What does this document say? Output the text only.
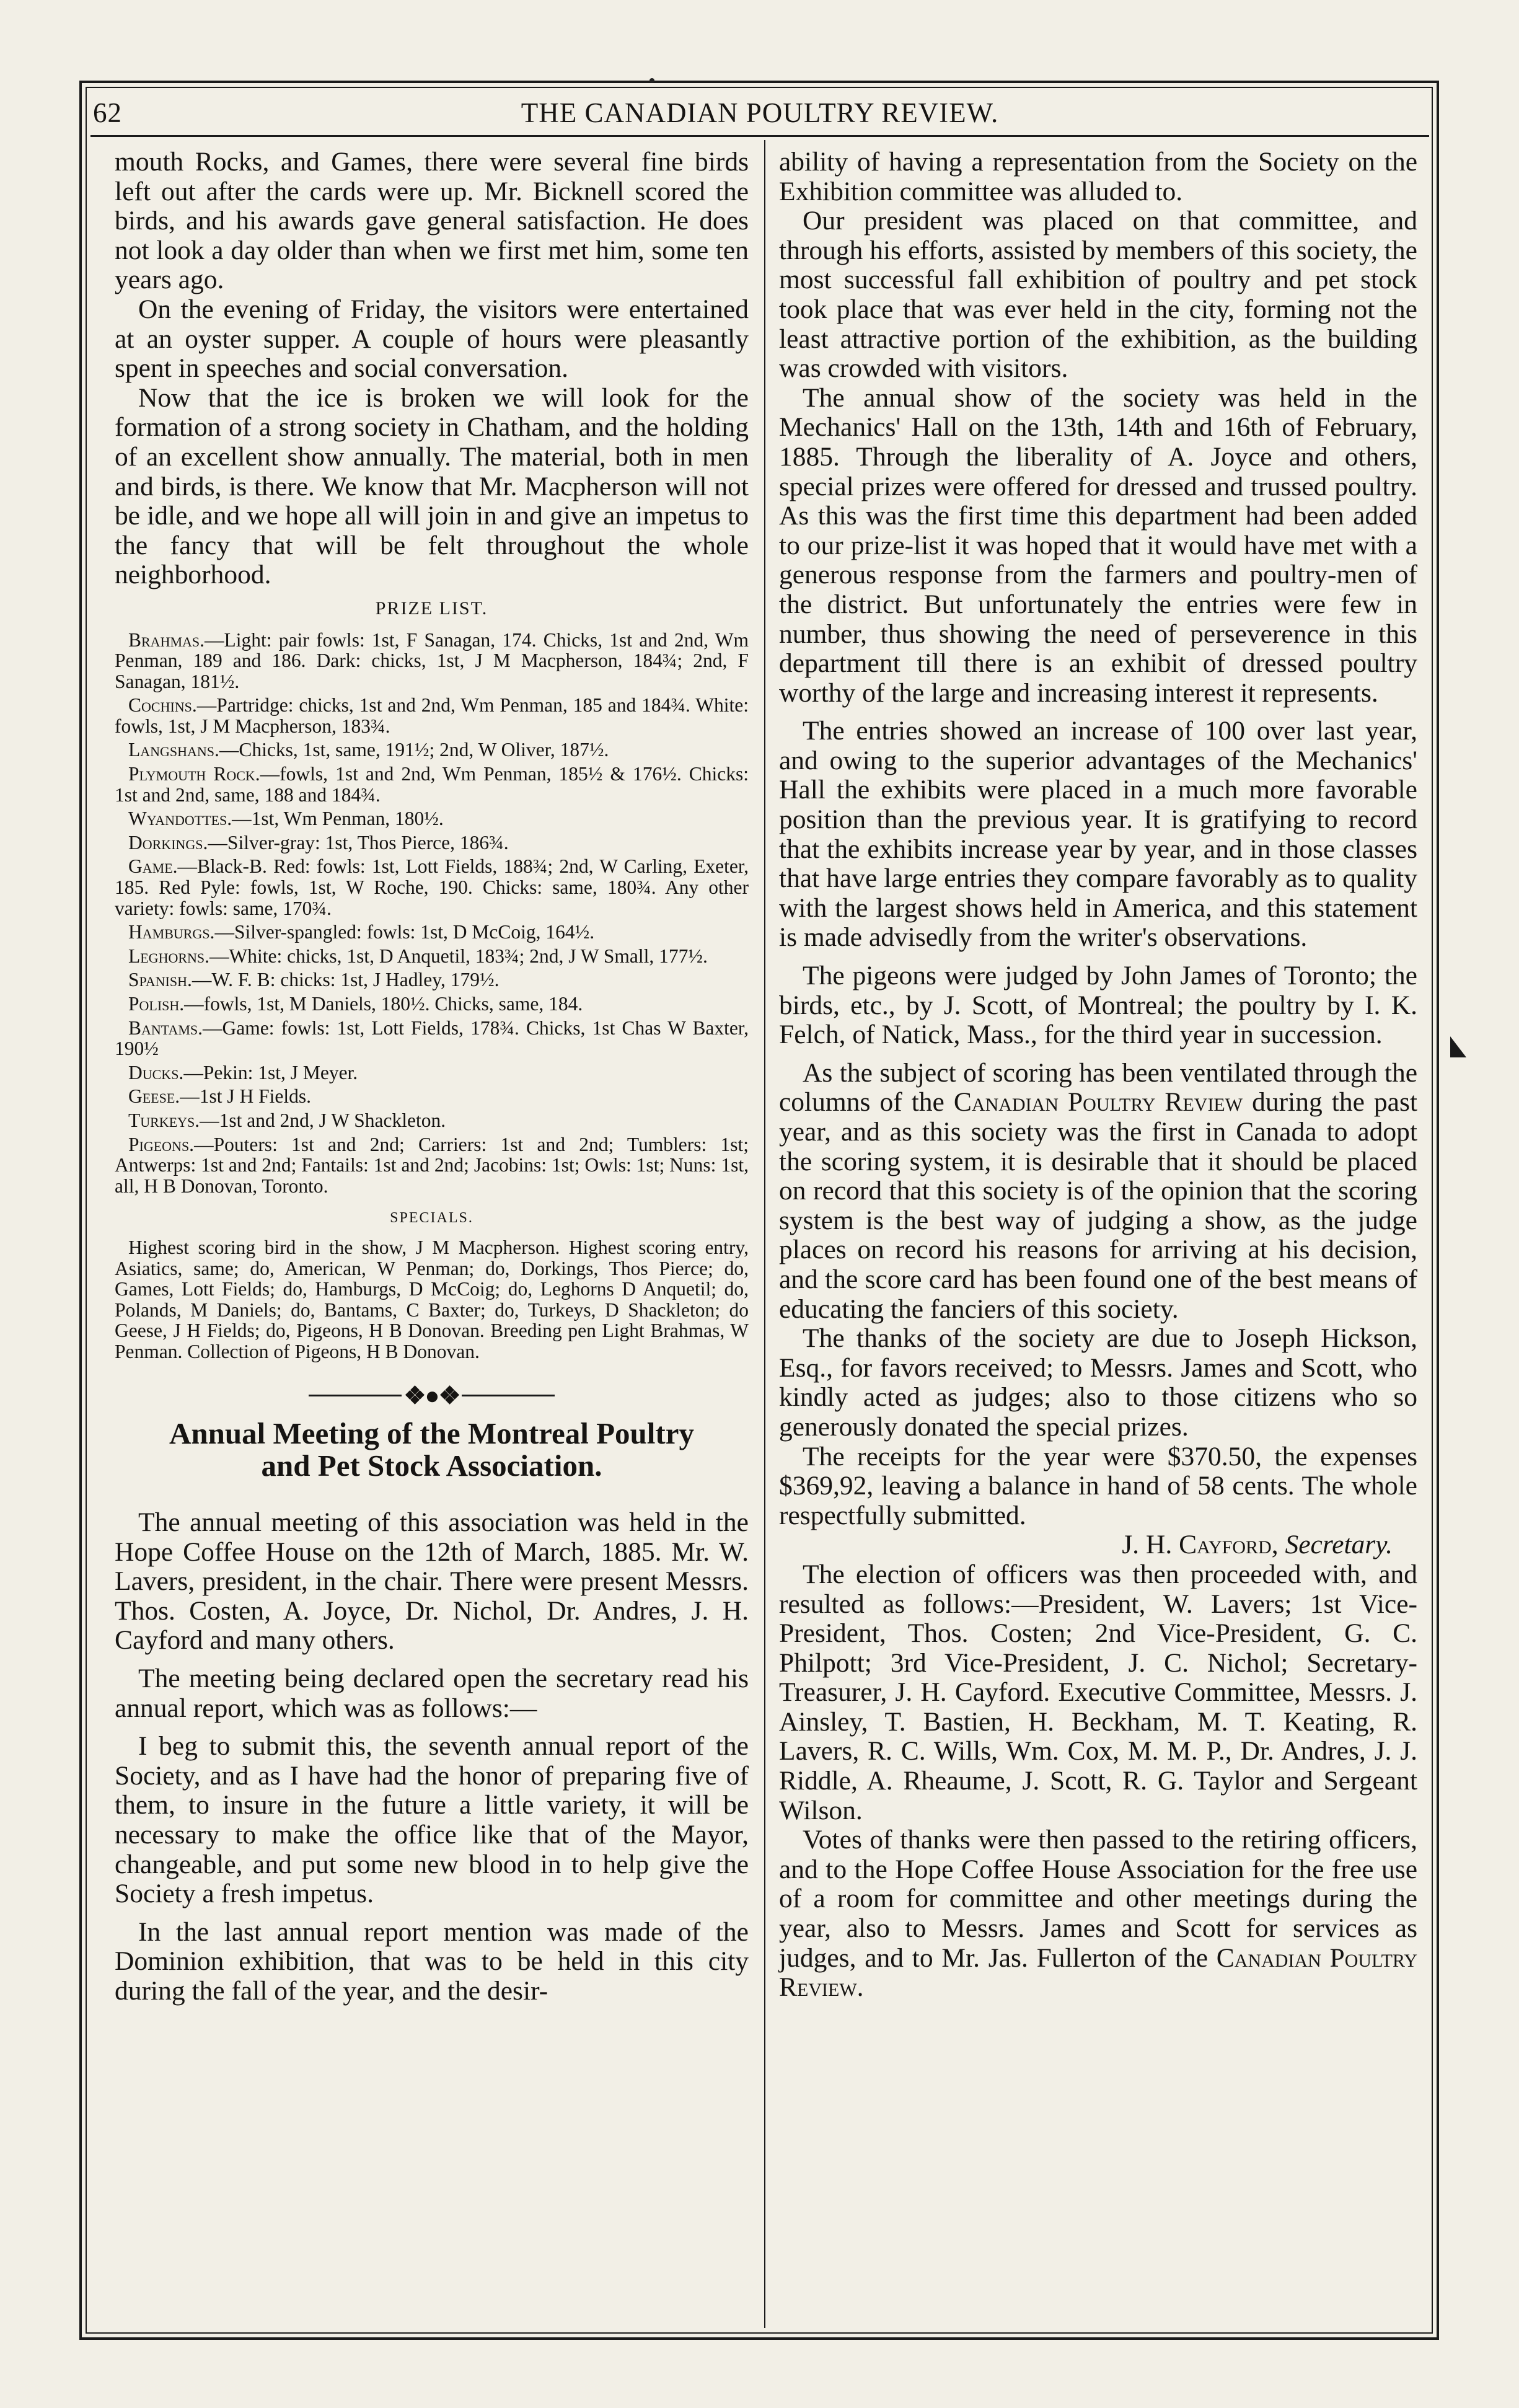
62	THE CANADIAN POULTRY REVIEW.

mouth Rocks, and Games, there were several fine birds left out after the cards were up. Mr. Bicknell scored the birds, and his awards gave general satisfaction. He does not look a day older than when we first met him, some ten years ago.

On the evening of Friday, the visitors were entertained at an oyster supper. A couple of hours were pleasantly spent in speeches and social conversation.

Now that the ice is broken we will look for the formation of a strong society in Chatham, and the holding of an excellent show annually. The material, both in men and birds, is there. We know that Mr. Macpherson will not be idle, and we hope all will join in and give an impetus to the fancy that will be felt throughout the whole neighborhood.

PRIZE LIST.

Brahmas.—Light: pair fowls: 1st, F Sanagan, 174. Chicks, 1st and 2nd, Wm Penman, 189 and 186. Dark: chicks, 1st, J M Macpherson, 184¾; 2nd, F Sanagan, 181½.

Cochins.—Partridge: chicks, 1st and 2nd, Wm Penman, 185 and 184¾. White: fowls, 1st, J M Macpherson, 183¾.

Langshans.—Chicks, 1st, same, 191½; 2nd, W Oliver, 187½.

Plymouth Rock.—fowls, 1st and 2nd, Wm Penman, 185½ & 176½. Chicks: 1st and 2nd, same, 188 and 184¾.

Wyandottes.—1st, Wm Penman, 180½.

Dorkings.—Silver-gray: 1st, Thos Pierce, 186¾.

Game.—Black-B. Red: fowls: 1st, Lott Fields, 188¾; 2nd, W Carling, Exeter, 185. Red Pyle: fowls, 1st, W Roche, 190. Chicks: same, 180¾. Any other variety: fowls: same, 170¾.

Hamburgs.—Silver-spangled: fowls: 1st, D McCoig, 164½.

Leghorns.—White: chicks, 1st, D Anquetil, 183¾; 2nd, J W Small, 177½.

Spanish.—W. F. B: chicks: 1st, J Hadley, 179½.

Polish.—fowls, 1st, M Daniels, 180½. Chicks, same, 184.

Bantams.—Game: fowls: 1st, Lott Fields, 178¾. Chicks, 1st Chas W Baxter, 190½

Ducks.—Pekin: 1st, J Meyer.

Geese.—1st J H Fields.

Turkeys.—1st and 2nd, J W Shackleton.

Pigeons.—Pouters: 1st and 2nd; Carriers: 1st and 2nd; Tumblers: 1st; Antwerps: 1st and 2nd; Fantails: 1st and 2nd; Jacobins: 1st; Owls: 1st; Nuns: 1st, all, H B Donovan, Toronto.

SPECIALS.

Highest scoring bird in the show, J M Macpherson. Highest scoring entry, Asiatics, same; do, American, W Penman; do, Dorkings, Thos Pierce; do, Games, Lott Fields; do, Hamburgs, D McCoig; do, Leghorns D Anquetil; do, Polands, M Daniels; do, Bantams, C Baxter; do, Turkeys, D Shackleton; do Geese, J H Fields; do, Pigeons, H B Donovan. Breeding pen Light Brahmas, W Penman. Collection of Pigeons, H B Donovan.

❖●❖
Annual Meeting of the Montreal Poultry
and Pet Stock Association.

The annual meeting of this association was held in the Hope Coffee House on the 12th of March, 1885. Mr. W. Lavers, president, in the chair. There were present Messrs. Thos. Costen, A. Joyce, Dr. Nichol, Dr. Andres, J. H. Cayford and many others.

The meeting being declared open the secretary read his annual report, which was as follows:—

I beg to submit this, the seventh annual report of the Society, and as I have had the honor of preparing five of them, to insure in the future a little variety, it will be necessary to make the office like that of the Mayor, changeable, and put some new blood in to help give the Society a fresh impetus.

In the last annual report mention was made of the Dominion exhibition, that was to be held in this city during the fall of the year, and the desir-

ability of having a representation from the Society on the Exhibition committee was alluded to.

Our president was placed on that committee, and through his efforts, assisted by members of this society, the most successful fall exhibition of poultry and pet stock took place that was ever held in the city, forming not the least attractive portion of the exhibition, as the building was crowded with visitors.

The annual show of the society was held in the Mechanics' Hall on the 13th, 14th and 16th of February, 1885. Through the liberality of A. Joyce and others, special prizes were offered for dressed and trussed poultry. As this was the first time this department had been added to our prize-list it was hoped that it would have met with a generous response from the farmers and poultry-men of the district. But unfortunately the entries were few in number, thus showing the need of perseverence in this department till there is an exhibit of dressed poultry worthy of the large and increasing interest it represents.

The entries showed an increase of 100 over last year, and owing to the superior advantages of the Mechanics' Hall the exhibits were placed in a much more favorable position than the previous year. It is gratifying to record that the exhibits increase year by year, and in those classes that have large entries they compare favorably as to quality with the largest shows held in America, and this statement is made advisedly from the writer's observations.

The pigeons were judged by John James of Toronto; the birds, etc., by J. Scott, of Montreal; the poultry by I. K. Felch, of Natick, Mass., for the third year in succession.

As the subject of scoring has been ventilated through the columns of the Canadian Poultry Review during the past year, and as this society was the first in Canada to adopt the scoring system, it is desirable that it should be placed on record that this society is of the opinion that the scoring system is the best way of judging a show, as the judge places on record his reasons for arriving at his decision, and the score card has been found one of the best means of educating the fanciers of this society.

The thanks of the society are due to Joseph Hickson, Esq., for favors received; to Messrs. James and Scott, who kindly acted as judges; also to those citizens who so generously donated the special prizes.

The receipts for the year were $370.50, the expenses $369,92, leaving a balance in hand of 58 cents. The whole respectfully submitted.

J. H. Cayford, Secretary.

The election of officers was then proceeded with, and resulted as follows:—President, W. Lavers; 1st Vice-President, Thos. Costen; 2nd Vice-President, G. C. Philpott; 3rd Vice-President, J. C. Nichol; Secretary-Treasurer, J. H. Cayford. Executive Committee, Messrs. J. Ainsley, T. Bastien, H. Beckham, M. T. Keating, R. Lavers, R. C. Wills, Wm. Cox, M. M. P., Dr. Andres, J. J. Riddle, A. Rheaume, J. Scott, R. G. Taylor and Sergeant Wilson.

Votes of thanks were then passed to the retiring officers, and to the Hope Coffee House Association for the free use of a room for committee and other meetings during the year, also to Messrs. James and Scott for services as judges, and to Mr. Jas. Fullerton of the Canadian Poultry Review.
